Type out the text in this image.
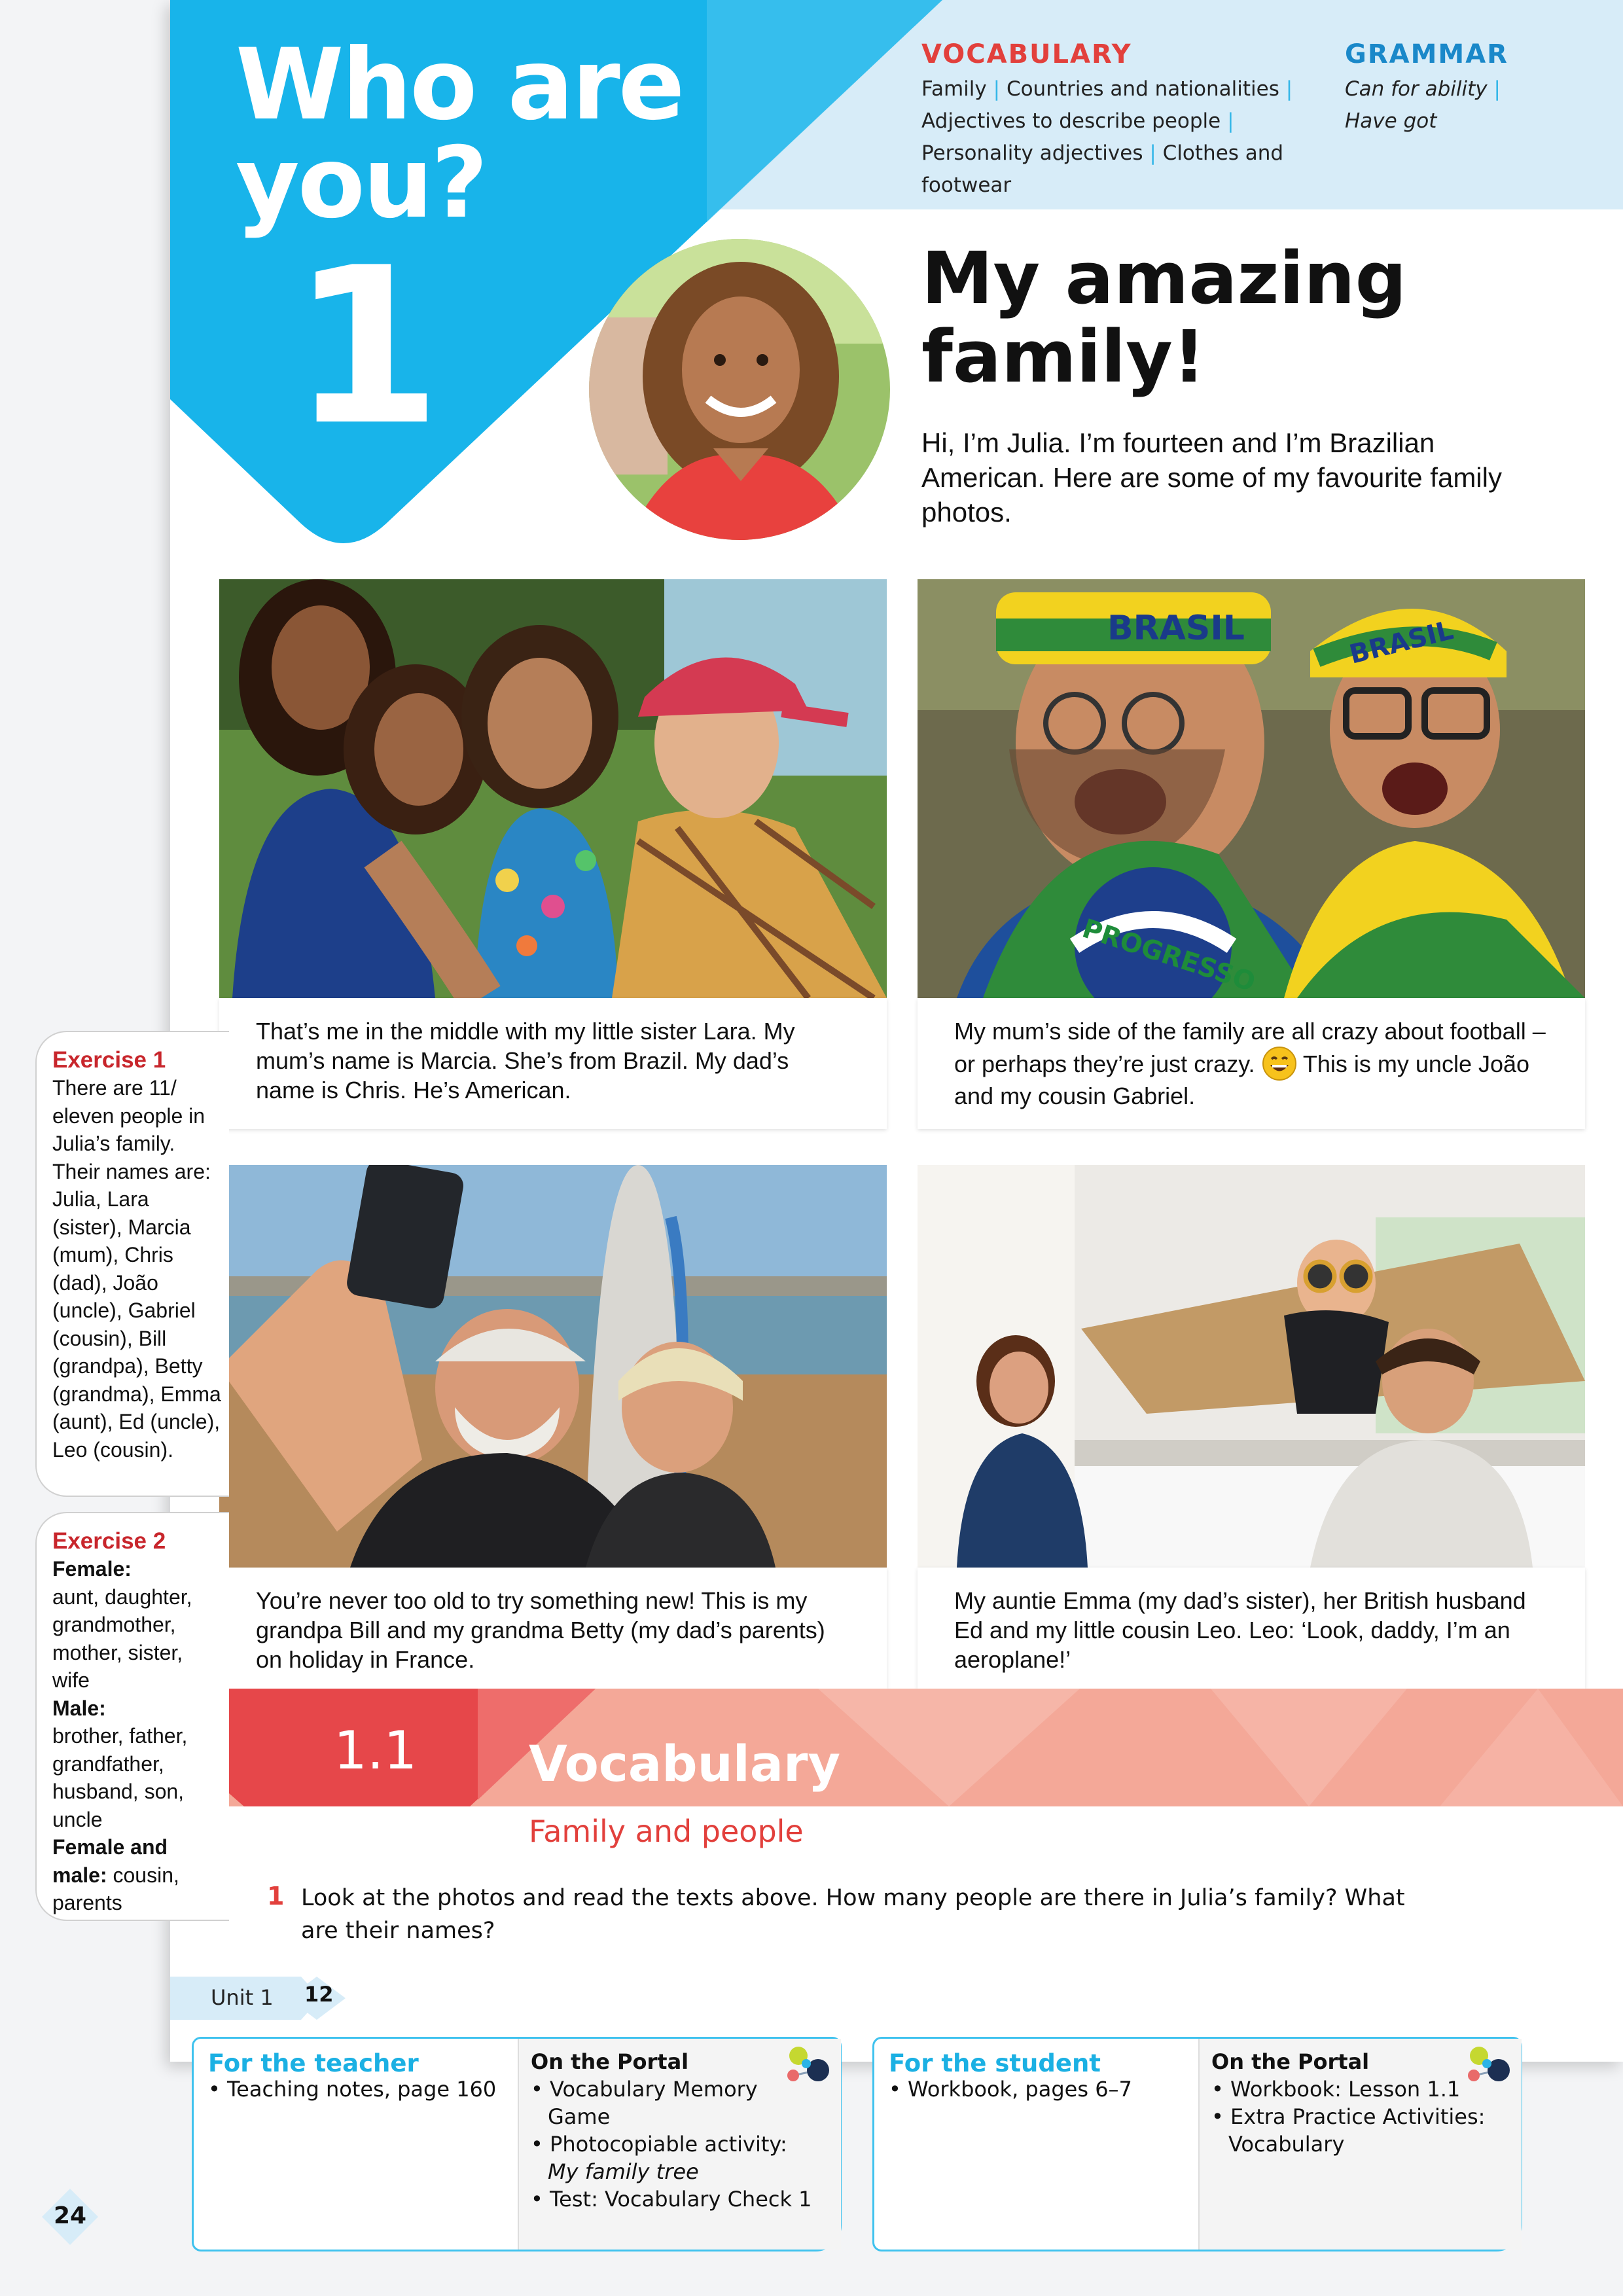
Who are
you?
1
VOCABULARY
Family | Countries and nationalities | Adjectives to describe people | Personality adjectives | Clothes and footwear
GRAMMAR
Can for ability |
Have got
My amazing
family!
Hi, I’m Julia. I’m fourteen and I’m Brazilian American. Here are some of my favourite family photos.
That’s me in the middle with my little sister Lara. My mum’s name is Marcia. She’s from Brazil. My dad’s name is Chris. He’s American.
BRASIL
PROGRESSO
BRASIL
My mum’s side of the family are all crazy about football – or perhaps they’re just crazy. This is my uncle João and my cousin Gabriel.
You’re never too old to try something new! This is my grandpa Bill and my grandma Betty (my dad’s parents) on holiday in France.
My auntie Emma (my dad’s sister), her British husband Ed and my little cousin Leo. Leo: ‘Look, daddy, I’m an aeroplane!’
1.1 Vocabulary
Family and people
1 Look at the photos and read the texts above. How many people are there in Julia’s family? What are their names?
Unit 1 12
Exercise 1
There are 11/ eleven people in Julia’s family. Their names are: Julia, Lara (sister), Marcia (mum), Chris (dad), João (uncle), Gabriel (cousin), Bill (grandpa), Betty (grandma), Emma (aunt), Ed (uncle), Leo (cousin).
Exercise 2
Female:
aunt, daughter, grandmother, mother, sister, wife
Male:
brother, father, grandfather, husband, son, uncle
Female and male: cousin, parents
For the teacher
• Teaching notes, page 160
On the Portal
• Vocabulary Memory
Game
• Photocopiable activity:
My family tree
• Test: Vocabulary Check 1
For the student
• Workbook, pages 6–7
On the Portal
• Workbook: Lesson 1.1
• Extra Practice Activities:
Vocabulary
24
